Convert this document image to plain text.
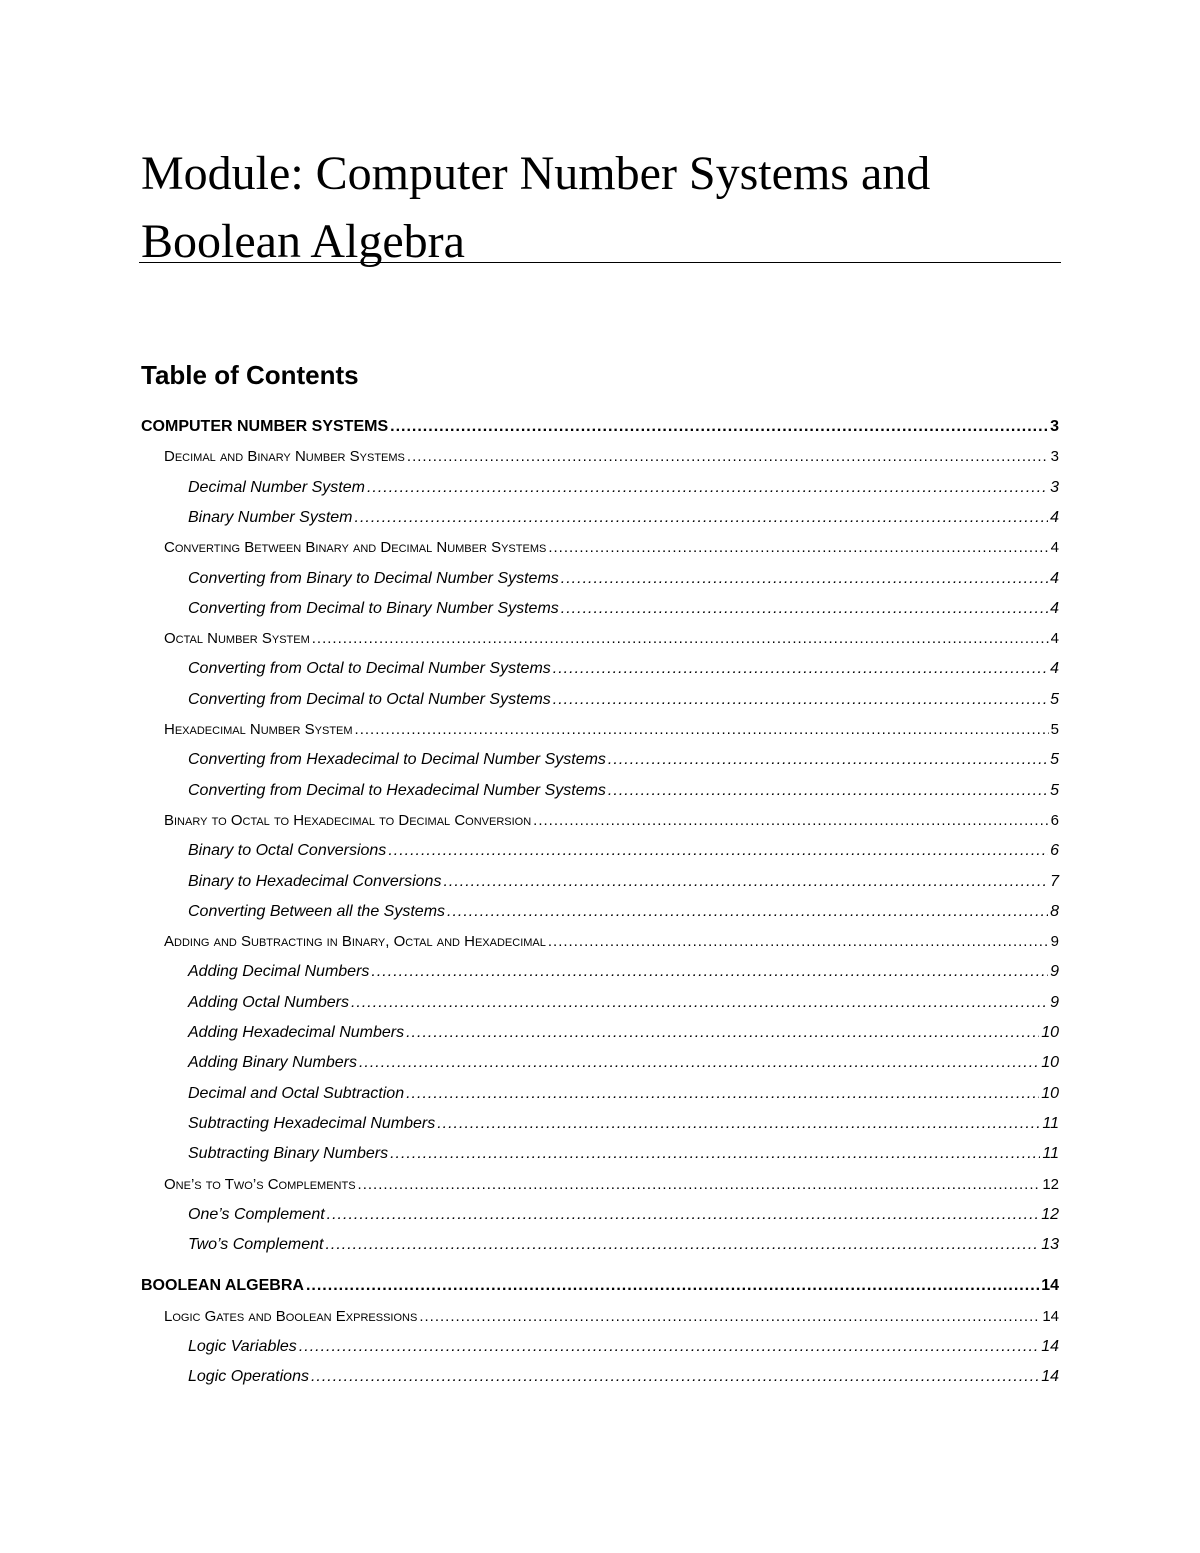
Module: Computer Number Systems and Boolean Algebra
Table of Contents
COMPUTER NUMBER SYSTEMS .....	3
Decimal and Binary Number Systems .....	3
Decimal Number System .....	3
Binary Number System .....	4
Converting Between Binary and Decimal Number Systems .....	4
Converting from Binary to Decimal Number Systems .....	4
Converting from Decimal to Binary Number Systems .....	4
Octal Number System .....	4
Converting from Octal to Decimal Number Systems .....	4
Converting from Decimal to Octal Number Systems .....	5
Hexadecimal Number System .....	5
Converting from Hexadecimal to Decimal Number Systems .....	5
Converting from Decimal to Hexadecimal Number Systems .....	5
Binary to Octal to Hexadecimal to Decimal Conversion .....	6
Binary to Octal Conversions .....	6
Binary to Hexadecimal Conversions .....	7
Converting Between all the Systems .....	8
Adding and Subtracting in Binary, Octal and Hexadecimal .....	9
Adding Decimal Numbers .....	9
Adding Octal Numbers .....	9
Adding Hexadecimal Numbers .....	10
Adding Binary Numbers .....	10
Decimal and Octal Subtraction .....	10
Subtracting Hexadecimal Numbers .....	11
Subtracting Binary Numbers .....	11
One’s to Two’s Complements .....	12
One’s Complement .....	12
Two’s Complement .....	13
BOOLEAN ALGEBRA .....	14
Logic Gates and Boolean Expressions .....	14
Logic Variables .....	14
Logic Operations .....	14
